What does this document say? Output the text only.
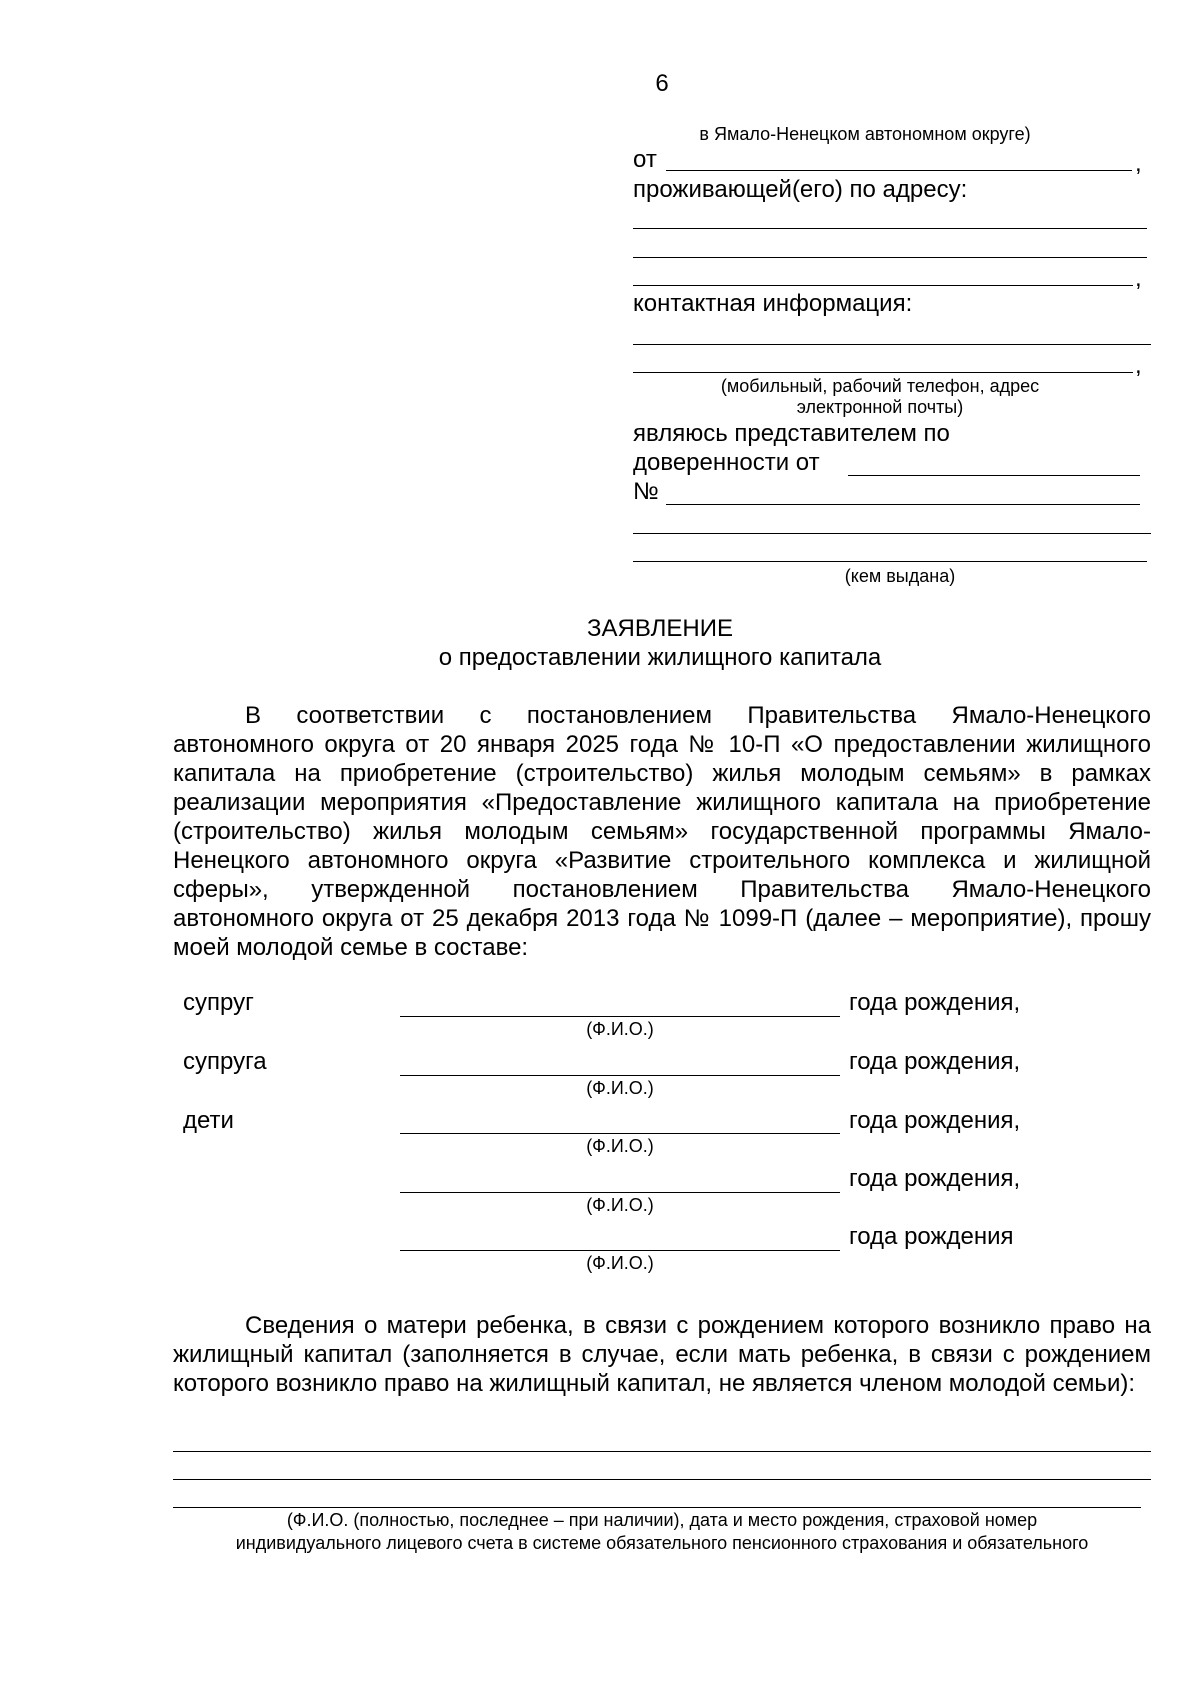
6
в Ямало-Ненецком автономном округе)
от	,
проживающей(его) по адресу:
,
контактная информация:
,
(мобильный, рабочий телефон, адрес электронной почты)
являюсь представителем по
доверенности от
№
(кем выдана)
ЗАЯВЛЕНИЕ
о предоставлении жилищного капитала
В соответствии с постановлением Правительства Ямало-Ненецкого автономного округа от 20 января 2025 года № 10-П «О предоставлении жилищного капитала на приобретение (строительство) жилья молодым семьям» в рамках реализации мероприятия «Предоставление жилищного капитала на приобретение (строительство) жилья молодым семьям» государственной программы Ямало-Ненецкого автономного округа «Развитие строительного комплекса и жилищной сферы», утвержденной постановлением Правительства Ямало-Ненецкого автономного округа от 25 декабря 2013 года № 1099-П (далее – мероприятие), прошу моей молодой семье в составе:
супруг	года рождения,
(Ф.И.О.)
супруга	года рождения,
(Ф.И.О.)
дети	года рождения,
(Ф.И.О.)
года рождения,
(Ф.И.О.)
года рождения
(Ф.И.О.)
Сведения о матери ребенка, в связи с рождением которого возникло право на жилищный капитал (заполняется в случае, если мать ребенка, в связи с рождением которого возникло право на жилищный капитал, не является членом молодой семьи):
(Ф.И.О. (полностью, последнее – при наличии), дата и место рождения, страховой номер
индивидуального лицевого счета в системе обязательного пенсионного страхования и обязательного
